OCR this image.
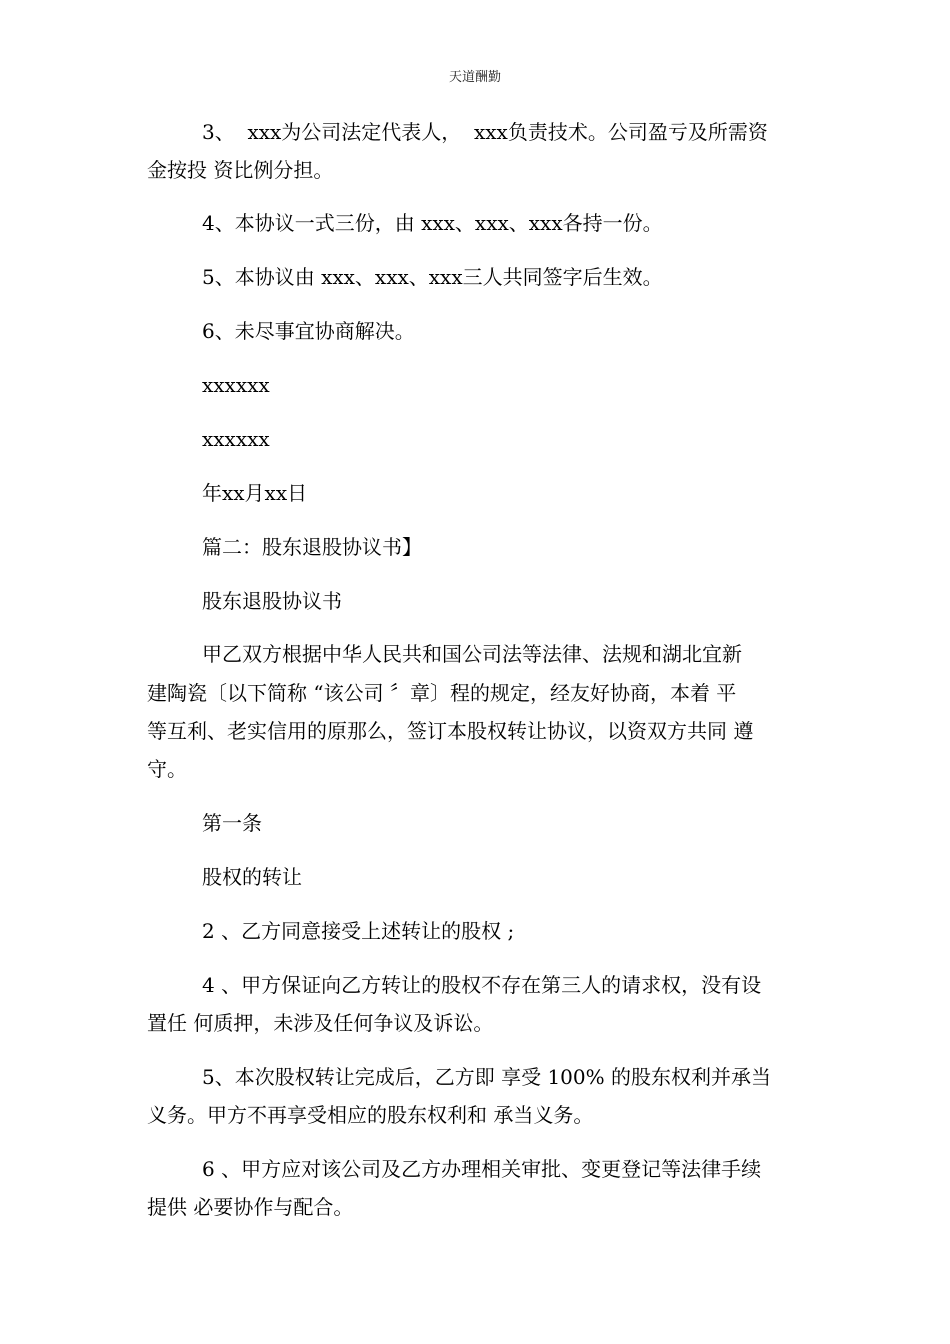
天道酬勤
3、  xxx为公司法定代表人，  xxx负责技术。公司盈亏及所需资
金按投 资比例分担。
4、本协议一式三份，由 xxx、xxx、xxx各持一份。
5、本协议由 xxx、xxx、xxx三人共同签字后生效。
6、未尽事宜协商解决。
xxxxxx
xxxxxx
年xx月xx日
篇二：股东退股协议书】
股东退股协议书
甲乙双方根据中华人民共和国公司法等法律、法规和湖北宜新
建陶瓷〔以下简称 “该公司 〞章〕程的规定，经友好协商，本着 平
等互利、老实信用的原那么，签订本股权转让协议，以资双方共同 遵
守。
第一条
股权的转让
2 、乙方同意接受上述转让的股权 ;
4 、甲方保证向乙方转让的股权不存在第三人的请求权，没有设
置任 何质押，未涉及任何争议及诉讼。
5、本次股权转让完成后，乙方即 享受 100% 的股东权利并承当
义务。甲方不再享受相应的股东权利和 承当义务。
6 、甲方应对该公司及乙方办理相关审批、变更登记等法律手续
提供 必要协作与配合。
